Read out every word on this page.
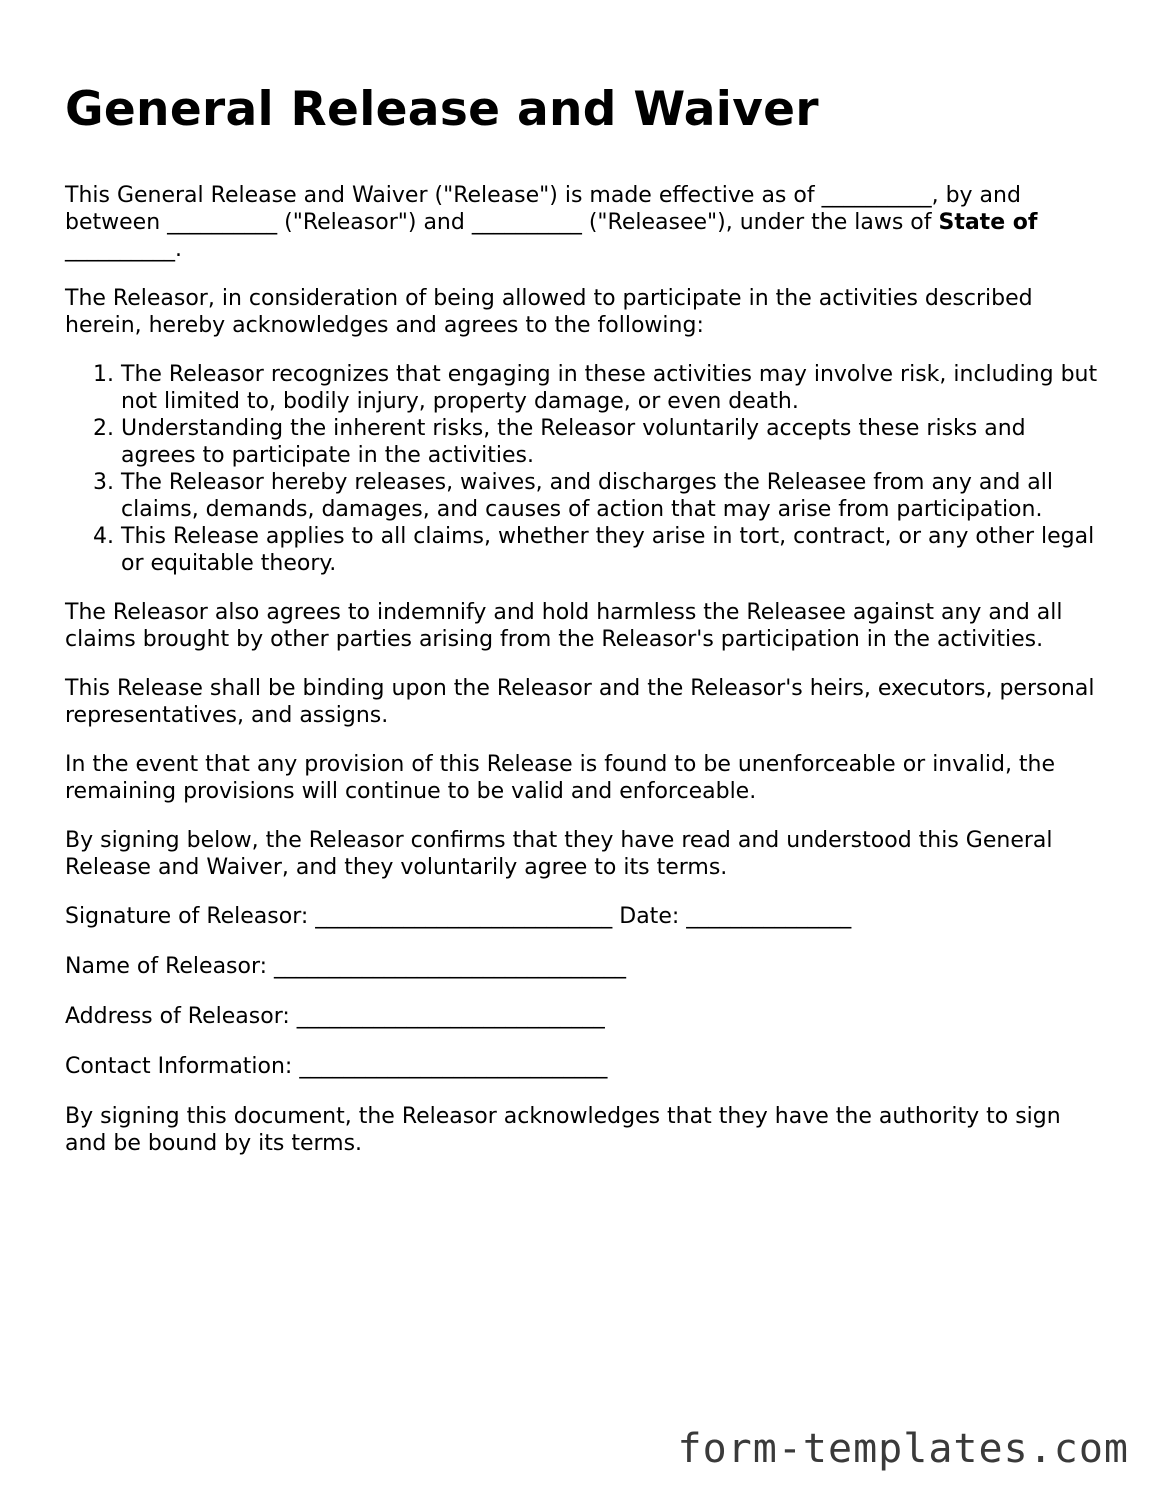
General Release and Waiver

This General Release and Waiver ("Release") is made effective as of __________, by and between __________ ("Releasor") and __________ ("Releasee"), under the laws of State of __________.

The Releasor, in consideration of being allowed to participate in the activities described herein, hereby acknowledges and agrees to the following:

1. The Releasor recognizes that engaging in these activities may involve risk, including but not limited to, bodily injury, property damage, or even death.
2. Understanding the inherent risks, the Releasor voluntarily accepts these risks and agrees to participate in the activities.
3. The Releasor hereby releases, waives, and discharges the Releasee from any and all claims, demands, damages, and causes of action that may arise from participation.
4. This Release applies to all claims, whether they arise in tort, contract, or any other legal or equitable theory.

The Releasor also agrees to indemnify and hold harmless the Releasee against any and all claims brought by other parties arising from the Releasor's participation in the activities.

This Release shall be binding upon the Releasor and the Releasor's heirs, executors, personal representatives, and assigns.

In the event that any provision of this Release is found to be unenforceable or invalid, the remaining provisions will continue to be valid and enforceable.

By signing below, the Releasor confirms that they have read and understood this General Release and Waiver, and they voluntarily agree to its terms.

Signature of Releasor: ___________________________ Date: _______________

Name of Releasor: ________________________________

Address of Releasor: ____________________________

Contact Information: ____________________________

By signing this document, the Releasor acknowledges that they have the authority to sign and be bound by its terms.

form-templates.com
